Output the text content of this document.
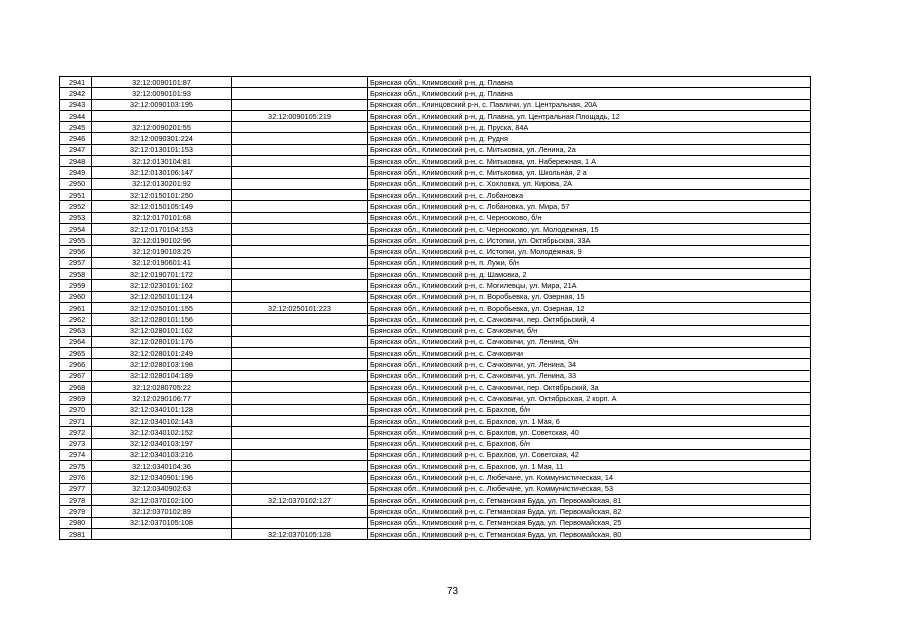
2941	32:12:0090101:87		Брянская обл., Климовский р-н, д. Плавна
2942	32:12:0090101:93		Брянская обл., Климовский р-н, д. Плавна
2943	32:12:0090103:195		Брянская обл., Клинцовский р-н, с. Павличи, ул. Центральная, 20А
2944		32:12:0090105:219	Брянская обл., Климовский р-н, д. Плавна, ул. Центральная Площадь, 12
2945	32:12:0090201:55		Брянская обл., Климовский р-н, д. Пруска, 84А
2946	32:12:0090301:224		Брянская обл., Климовский р-н, д. Рудня
2947	32:12:0130101:153		Брянская обл., Климовский р-н, с. Митьковка, ул. Ленина, 2а
2948	32:12:0130104:81		Брянская обл., Климовский р-н, с. Митьковка, ул. Набережная, 1 А
2949	32:12:0130106:147		Брянская обл., Климовский р-н, с. Митьковка, ул. Школьная, 2 а
2950	32:12:0130201:92		Брянская обл., Климовский р-н, с. Хохловка, ул. Кирова, 2А
2951	32:12:0150101:250		Брянская обл., Климовский р-н, с. Лобановка
2952	32:12:0150105:149		Брянская обл., Климовский р-н, с. Лобановка, ул. Мира, 57
2953	32:12:0170101:68		Брянская обл., Климовский р-н, с. Чернооково, б/н
2954	32:12:0170104:153		Брянская обл., Климовский р-н, с. Чернооково, ул. Молодежная, 15
2955	32:12:0190102:96		Брянская обл., Климовский р-н, с. Истопки, ул. Октябрьская, 33А
2956	32:12:0190103:25		Брянская обл., Климовский р-н, с. Истопки, ул. Молодежная, 9
2957	32:12:0190601:41		Брянская обл., Климовский р-н, п. Лужи, б/н
2958	32:12:0190701:172		Брянская обл., Климовский р-н, д. Шамовка, 2
2959	32:12:0230101:162		Брянская обл., Климовский р-н, с. Могилевцы, ул. Мира, 21А
2960	32:12:0250101:124		Брянская обл., Климовский р-н, п. Воробьевка, ул. Озерная, 15
2961	32:12:0250101:155	32:12:0250101:223	Брянская обл., Климовский р-н, п. Воробьевка, ул. Озерная, 12
2962	32:12:0280101:156		Брянская обл., Климовский р-н, с. Сачковичи, пер. Октябрьский, 4
2963	32:12:0280101:162		Брянская обл., Климовский р-н, с. Сачковичи, б/н
2964	32:12:0280101:176		Брянская обл., Климовский р-н, с. Сачковичи, ул. Ленина, б/н
2965	32:12:0280101:249		Брянская обл., Климовский р-н, с. Сачковичи
2966	32:12:0280103:198		Брянская обл., Климовский р-н, с. Сачковичи, ул. Ленина, 34
2967	32:12:0280104:189		Брянская обл., Климовский р-н, с. Сачковичи, ул. Ленина, 33
2968	32:12:0280705:22		Брянская обл., Климовский р-н, с. Сачковичи, пер. Октябрьский, 3а
2969	32:12:0290106:77		Брянская обл., Климовский р-н, с. Сачковичи, ул. Октябрьская, 2 корп. А
2970	32:12:0340101:128		Брянская обл., Климовский р-н, с. Брахлов, б/н
2971	32:12:0340102:143		Брянская обл., Климовский р-н, с. Брахлов, ул. 1 Мая, 6
2972	32:12:0340102:152		Брянская обл., Климовский р-н, с. Брахлов, ул. Советская, 40
2973	32:12:0340103:197		Брянская обл., Климовский р-н, с. Брахлов, б/н
2974	32:12:0340103:216		Брянская обл., Климовский р-н, с. Брахлов, ул. Советская, 42
2975	32:12:0340104:36		Брянская обл., Климовский р-н, с. Брахлов, ул. 1 Мая, 11
2976	32:12:0340901:196		Брянская обл., Климовский р-н, с. Любечане, ул. Коммунистическая, 14
2977	32:12:0340902:63		Брянская обл., Климовский р-н, с. Любечане, ул. Коммунистическая, 53
2978	32:12:0370102:100	32:12:0370102:127	Брянская обл., Климовский р-н, с. Гетманская Буда, ул. Первомайская, 81
2979	32:12:0370102:89		Брянская обл., Климовский р-н, с. Гетманская Буда, ул. Первомайская, 82
2980	32:12:0370105:108		Брянская обл., Климовский р-н, с. Гетманская Буда, ул. Первомайская, 25
2981		32:12:0370105:128	Брянская обл., Климовский р-н, с. Гетманская Буда, ул. Первомайская, 80
73
